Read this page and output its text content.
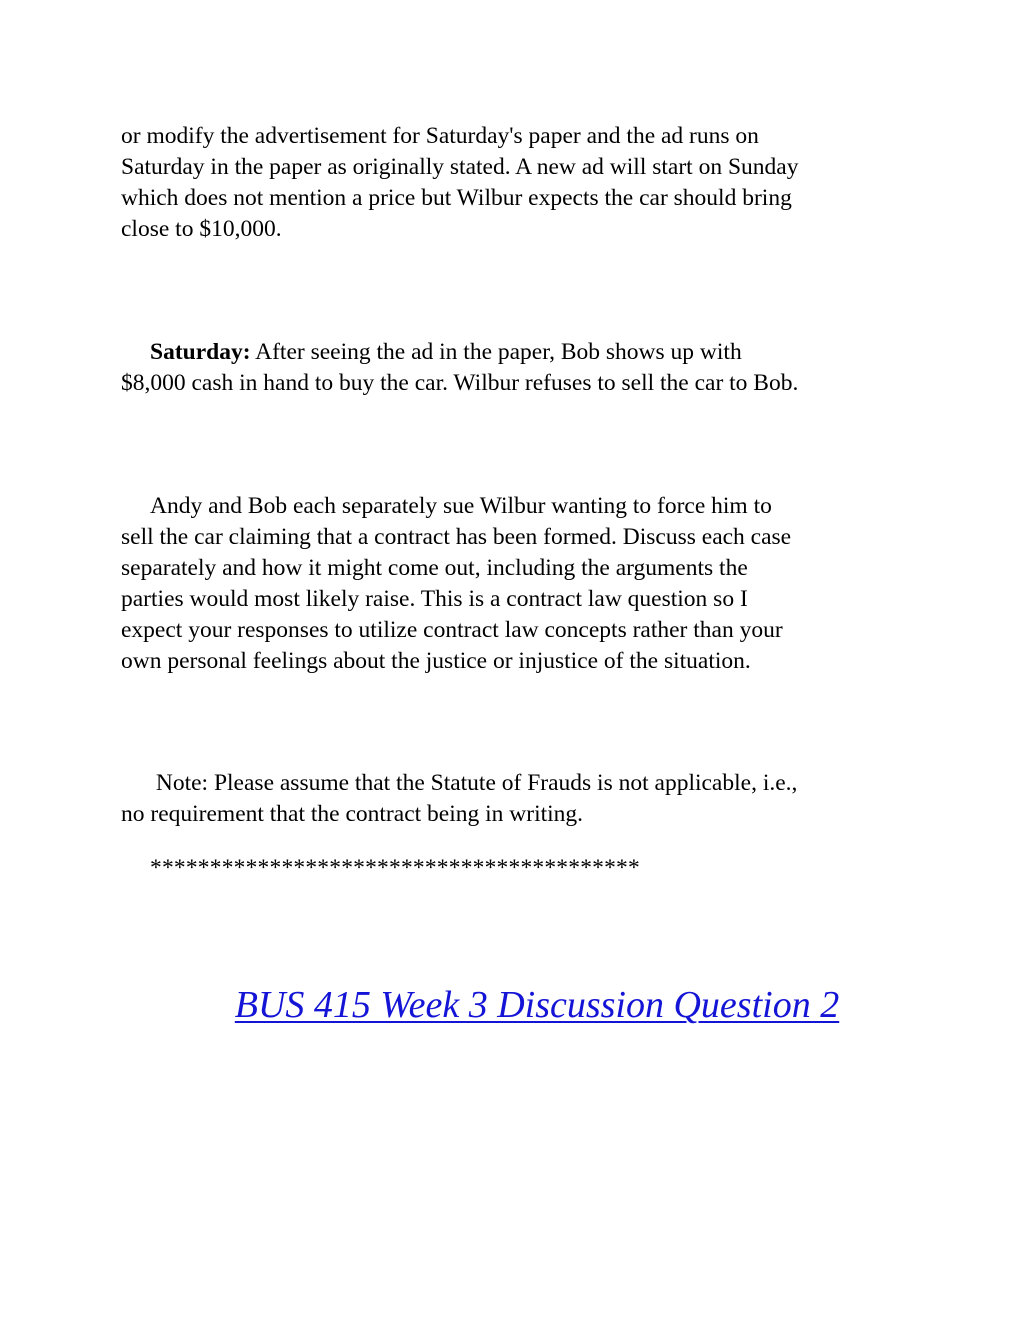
or modify the advertisement for Saturday's paper and the ad runs on
Saturday in the paper as originally stated. A new ad will start on Sunday
which does not mention a price but Wilbur expects the car should bring
close to $10,000.

Saturday: After seeing the ad in the paper, Bob shows up with
$8,000 cash in hand to buy the car. Wilbur refuses to sell the car to Bob.

Andy and Bob each separately sue Wilbur wanting to force him to
sell the car claiming that a contract has been formed. Discuss each case
separately and how it might come out, including the arguments the
parties would most likely raise. This is a contract law question so I
expect your responses to utilize contract law concepts rather than your
own personal feelings about the justice or injustice of the situation.

Note: Please assume that the Statute of Frauds is not applicable, i.e.,
no requirement that the contract being in writing.

*****************************************

BUS 415 Week 3 Discussion Question 2
